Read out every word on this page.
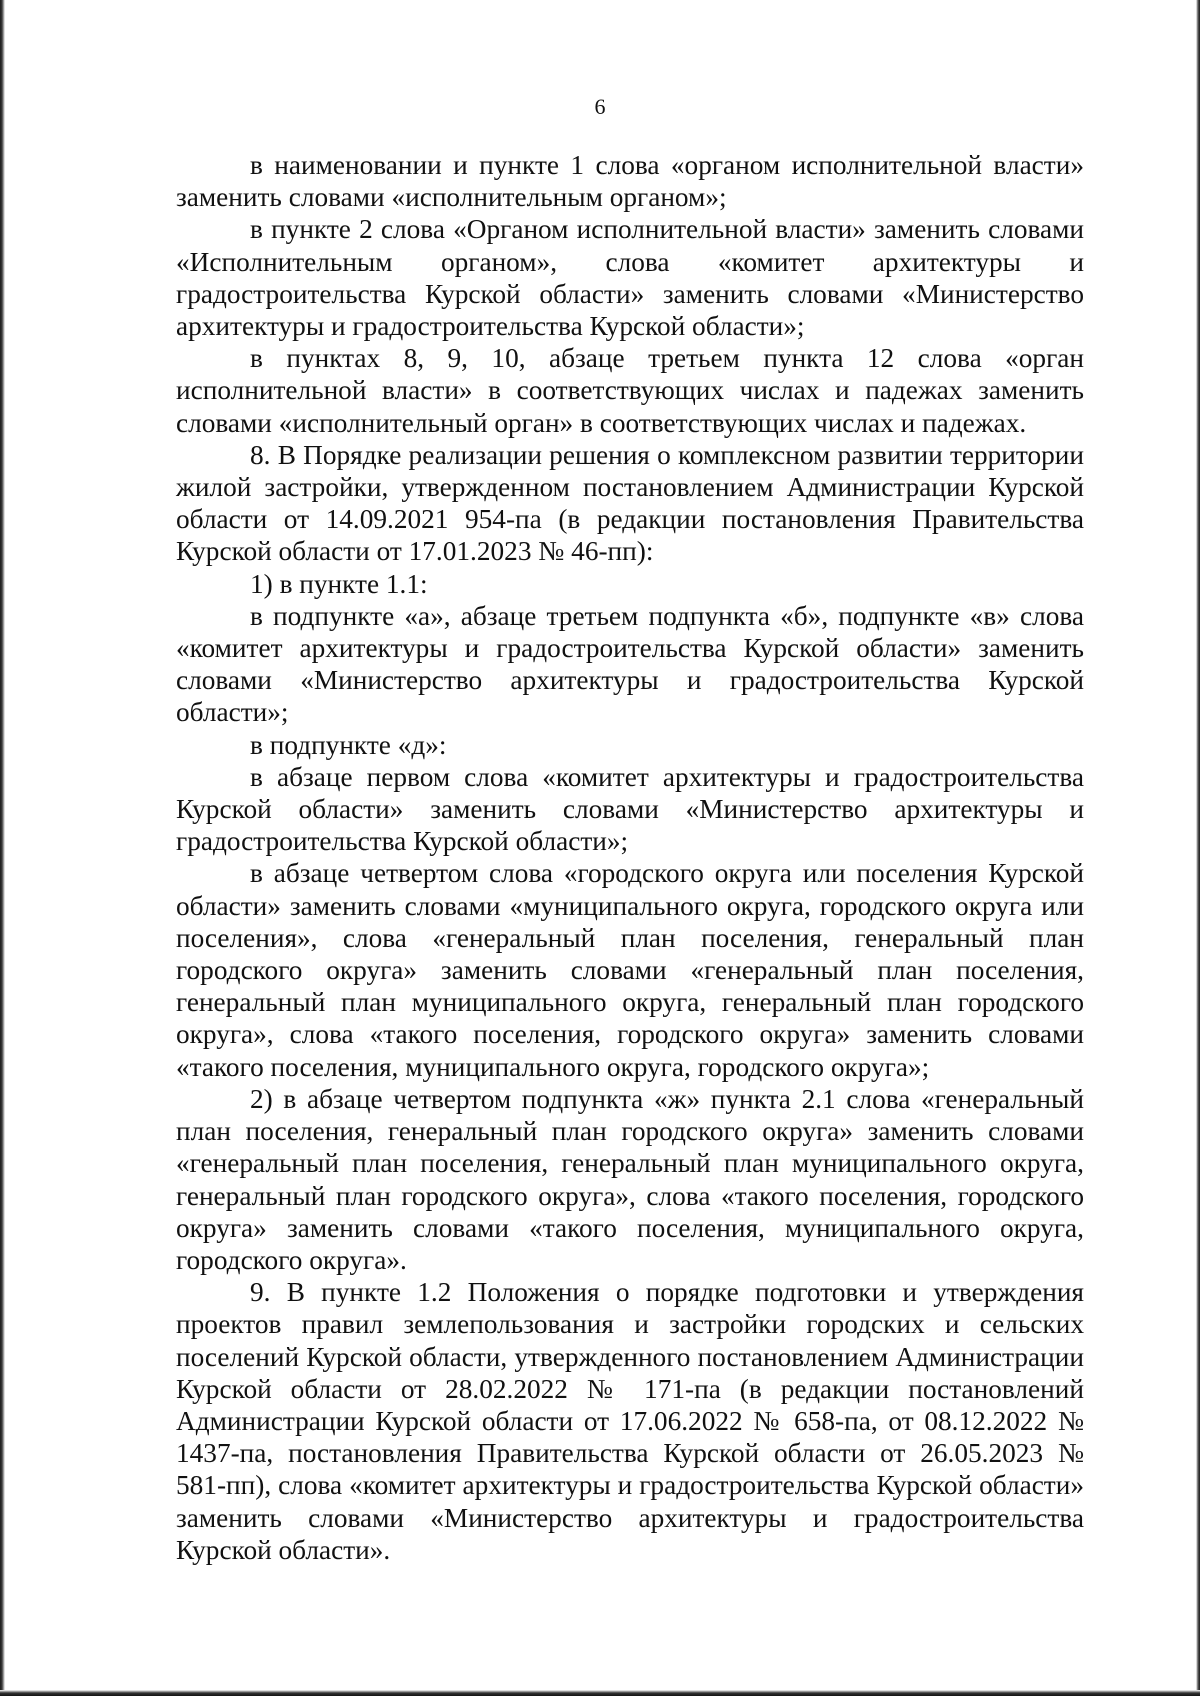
6

в наименовании и пункте 1 слова «органом исполнительной власти» заменить словами «исполнительным органом»;

в пункте 2 слова «Органом исполнительной власти» заменить словами «Исполнительным органом», слова «комитет архитектуры и градостроительства Курской области» заменить словами «Министерство архитектуры и градостроительства Курской области»;

в пунктах 8, 9, 10, абзаце третьем пункта 12 слова «орган исполнительной власти» в соответствующих числах и падежах заменить словами «исполнительный орган» в соответствующих числах и падежах.

8. В Порядке реализации решения о комплексном развитии территории жилой застройки, утвержденном постановлением Администрации Курской области от 14.09.2021 954-па (в редакции постановления Правительства Курской области от 17.01.2023 № 46-пп):

1) в пункте 1.1:

в подпункте «а», абзаце третьем подпункта «б», подпункте «в» слова «комитет архитектуры и градостроительства Курской области» заменить словами «Министерство архитектуры и градостроительства Курской области»;

в подпункте «д»:

в абзаце первом слова «комитет архитектуры и градостроительства Курской области» заменить словами «Министерство архитектуры и градостроительства Курской области»;

в абзаце четвертом слова «городского округа или поселения Курской области» заменить словами «муниципального округа, городского округа или поселения», слова «генеральный план поселения, генеральный план городского округа» заменить словами «генеральный план поселения, генеральный план муниципального округа, генеральный план городского округа», слова «такого поселения, городского округа» заменить словами «такого поселения, муниципального округа, городского округа»;

2) в абзаце четвертом подпункта «ж» пункта 2.1 слова «генеральный план поселения, генеральный план городского округа» заменить словами «генеральный план поселения, генеральный план муниципального округа, генеральный план городского округа», слова «такого поселения, городского округа» заменить словами «такого поселения, муниципального округа, городского округа».

9. В пункте 1.2 Положения о порядке подготовки и утверждения проектов правил землепользования и застройки городских и сельских поселений Курской области, утвержденного постановлением Администрации Курской области от 28.02.2022 № 171-па (в редакции постановлений Администрации Курской области от 17.06.2022 № 658-па, от 08.12.2022 № 1437-па, постановления Правительства Курской области от 26.05.2023 № 581-пп), слова «комитет архитектуры и градостроительства Курской области» заменить словами «Министерство архитектуры и градостроительства Курской области».
